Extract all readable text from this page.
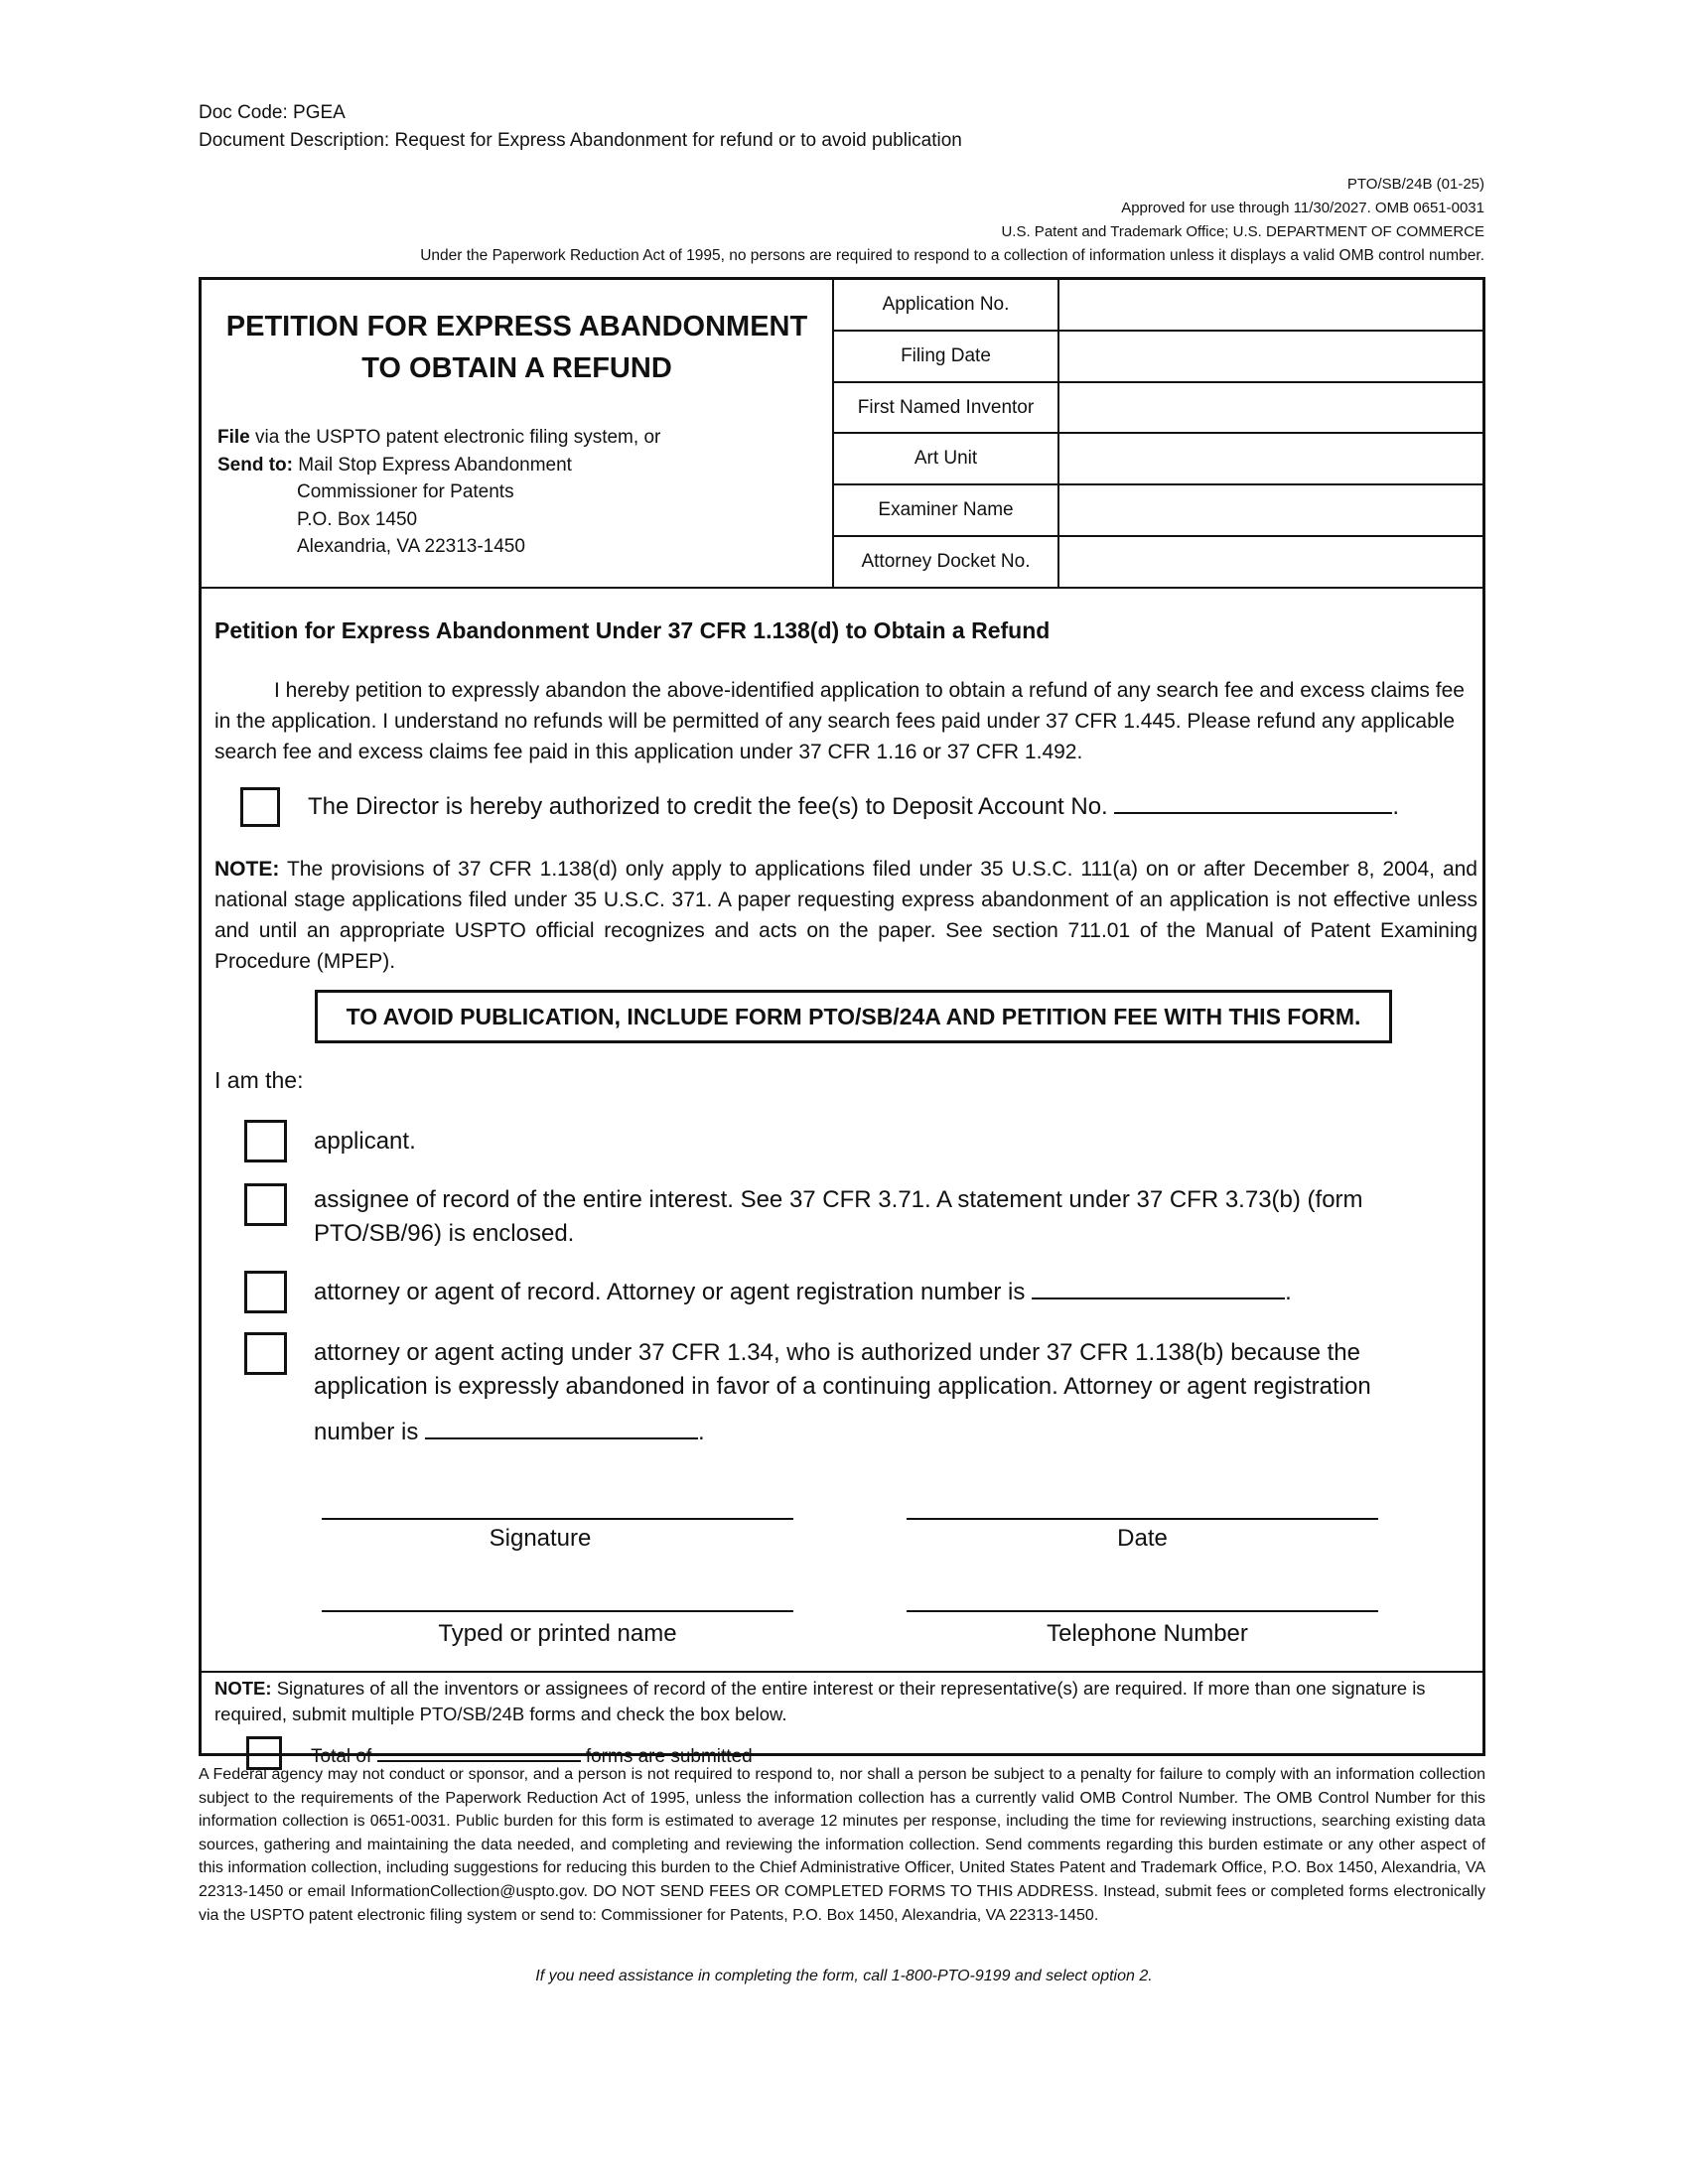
Doc Code: PGEA
Document Description: Request for Express Abandonment for refund or to avoid publication
PTO/SB/24B (01-25)
Approved for use through 11/30/2027. OMB 0651-0031
U.S. Patent and Trademark Office; U.S. DEPARTMENT OF COMMERCE
Under the Paperwork Reduction Act of 1995, no persons are required to respond to a collection of information unless it displays a valid OMB control number.
PETITION FOR EXPRESS ABANDONMENT
TO OBTAIN A REFUND
File via the USPTO patent electronic filing system, or
Send to: Mail Stop Express Abandonment
Commissioner for Patents
P.O. Box 1450
Alexandria, VA 22313-1450
Application No.	
Filing Date	
First Named Inventor	
Art Unit	
Examiner Name	
Attorney Docket No.	
Petition for Express Abandonment Under 37 CFR 1.138(d) to Obtain a Refund
I hereby petition to expressly abandon the above-identified application to obtain a refund of any search fee and excess claims fee in the application. I understand no refunds will be permitted of any search fees paid under 37 CFR 1.445. Please refund any applicable search fee and excess claims fee paid in this application under 37 CFR 1.16 or 37 CFR 1.492.
The Director is hereby authorized to credit the fee(s) to Deposit Account No.	.
NOTE: The provisions of 37 CFR 1.138(d) only apply to applications filed under 35 U.S.C. 111(a) on or after December 8, 2004, and national stage applications filed under 35 U.S.C. 371. A paper requesting express abandonment of an application is not effective unless and until an appropriate USPTO official recognizes and acts on the paper. See section 711.01 of the Manual of Patent Examining Procedure (MPEP).
TO AVOID PUBLICATION, INCLUDE FORM PTO/SB/24A AND PETITION FEE WITH THIS FORM.
I am the:
applicant.
assignee of record of the entire interest. See 37 CFR 3.71. A statement under 37 CFR 3.73(b) (form PTO/SB/96) is enclosed.
attorney or agent of record. Attorney or agent registration number is	.
attorney or agent acting under 37 CFR 1.34, who is authorized under 37 CFR 1.138(b) because the
application is expressly abandoned in favor of a continuing application. Attorney or agent registration
number is	.
Signature	Date
Typed or printed name	Telephone Number
NOTE: Signatures of all the inventors or assignees of record of the entire interest or their representative(s) are required. If more than one signature is required, submit multiple PTO/SB/24B forms and check the box below.
Total of	forms are submitted
A Federal agency may not conduct or sponsor, and a person is not required to respond to, nor shall a person be subject to a penalty for failure to comply with an information collection subject to the requirements of the Paperwork Reduction Act of 1995, unless the information collection has a currently valid OMB Control Number. The OMB Control Number for this information collection is 0651-0031. Public burden for this form is estimated to average 12 minutes per response, including the time for reviewing instructions, searching existing data sources, gathering and maintaining the data needed, and completing and reviewing the information collection. Send comments regarding this burden estimate or any other aspect of this information collection, including suggestions for reducing this burden to the Chief Administrative Officer, United States Patent and Trademark Office, P.O. Box 1450, Alexandria, VA 22313-1450 or email InformationCollection@uspto.gov. DO NOT SEND FEES OR COMPLETED FORMS TO THIS ADDRESS. Instead, submit fees or completed forms electronically via the USPTO patent electronic filing system or send to: Commissioner for Patents, P.O. Box 1450, Alexandria, VA 22313-1450.
If you need assistance in completing the form, call 1-800-PTO-9199 and select option 2.
